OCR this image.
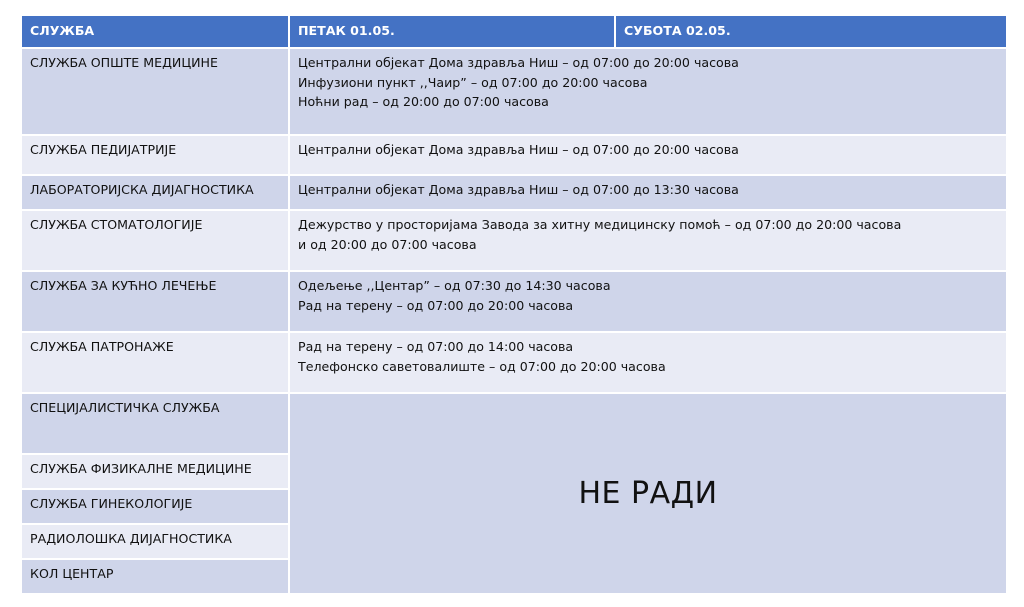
СЛУЖБА	ПЕТАК 01.05.	СУБОТА 02.05.
СЛУЖБА ОПШТЕ МЕДИЦИНЕ	Централни објекат Дома здравља Ниш – од 07:00 до 20:00 часова
Инфузиони пункт ,,Чаир” – од 07:00 до 20:00 часова
Ноћни рад – од 20:00 до 07:00 часова	

СЛУЖБА ПЕДИЈАТРИЈЕ	Централни објекат Дома здравља Ниш – од 07:00 до 20:00 часова	

ЛАБОРАТОРИЈСКА ДИЈАГНОСТИКА	Централни објекат Дома здравља Ниш – од 07:00 до 13:30 часова	

СЛУЖБА СТОМАТОЛОГИЈЕ	Дежурство у просторијама Завода за хитну медицинску помоћ – од 07:00 до 20:00 часова
и од 20:00 до 07:00 часова	

СЛУЖБА ЗА КУЋНО ЛЕЧЕЊЕ	Одељење ,,Центар” – од 07:30 до 14:30 часова
Рад на терену – од 07:00 до 20:00 часова	

СЛУЖБА ПАТРОНАЖЕ	Рад на терену – од 07:00 до 14:00 часова
Телефонско саветовалиште – од 07:00 до 20:00 часова	

СПЕЦИЈАЛИСТИЧКА СЛУЖБА	НЕ РАДИ	
СЛУЖБА ФИЗИКАЛНЕ МЕДИЦИНЕ		
СЛУЖБА ГИНЕКОЛОГИЈЕ		
РАДИОЛОШКА ДИЈАГНОСТИКА		
КОЛ ЦЕНТАР		
